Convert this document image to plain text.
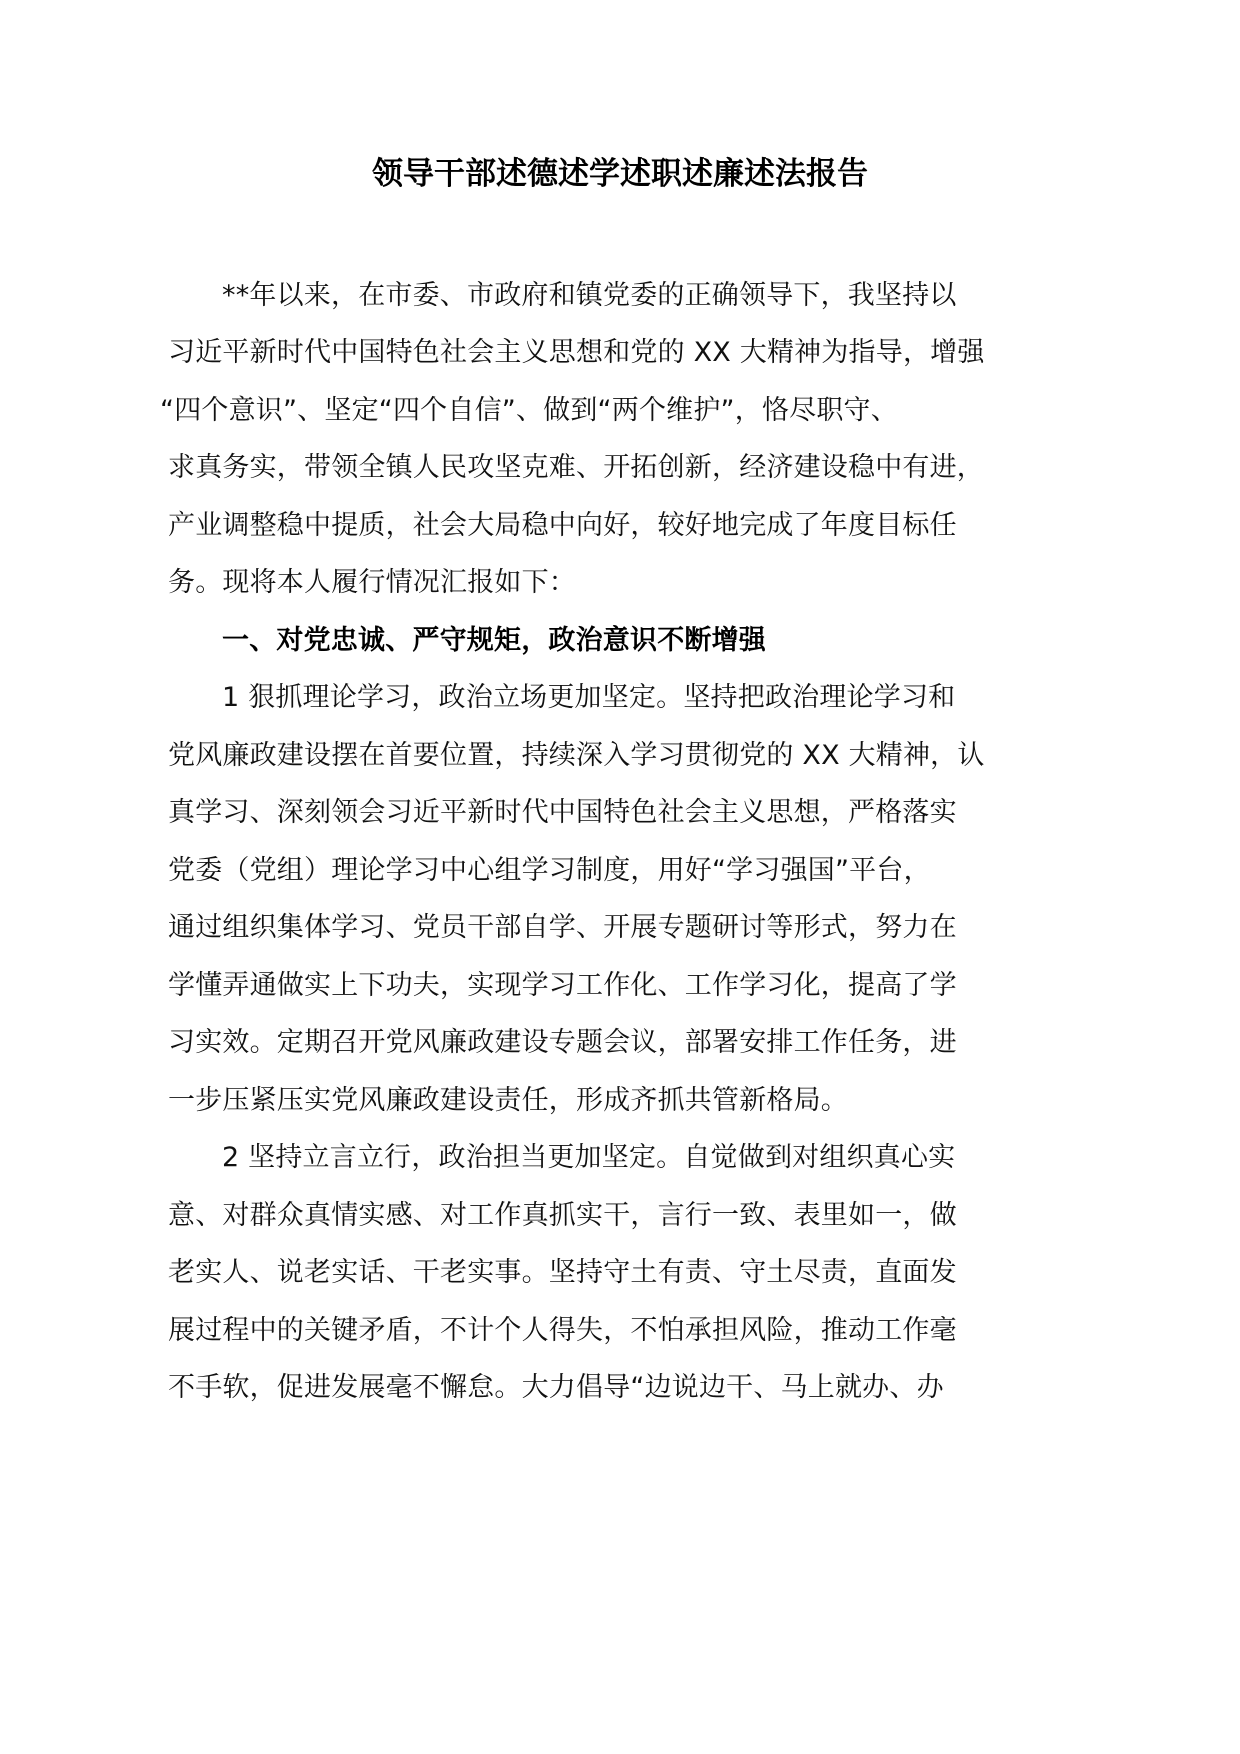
领导干部述德述学述职述廉述法报告
**年以来，在市委、市政府和镇党委的正确领导下，我坚持以
习近平新时代中国特色社会主义思想和党的 XX 大精神为指导，增强
“四个意识”、坚定“四个自信”、做到“两个维护”，恪尽职守、
求真务实，带领全镇人民攻坚克难、开拓创新，经济建设稳中有进，
产业调整稳中提质，社会大局稳中向好，较好地完成了年度目标任
务。现将本人履行情况汇报如下：
一、对党忠诚、严守规矩，政治意识不断增强
1 狠抓理论学习，政治立场更加坚定。坚持把政治理论学习和
党风廉政建设摆在首要位置，持续深入学习贯彻党的 XX 大精神，认
真学习、深刻领会习近平新时代中国特色社会主义思想，严格落实
党委（党组）理论学习中心组学习制度，用好“学习强国”平台，
通过组织集体学习、党员干部自学、开展专题研讨等形式，努力在
学懂弄通做实上下功夫，实现学习工作化、工作学习化，提高了学
习实效。定期召开党风廉政建设专题会议，部署安排工作任务，进
一步压紧压实党风廉政建设责任，形成齐抓共管新格局。
2 坚持立言立行，政治担当更加坚定。自觉做到对组织真心实
意、对群众真情实感、对工作真抓实干，言行一致、表里如一，做
老实人、说老实话、干老实事。坚持守土有责、守土尽责，直面发
展过程中的关键矛盾，不计个人得失，不怕承担风险，推动工作毫
不手软，促进发展毫不懈怠。大力倡导“边说边干、马上就办、办
